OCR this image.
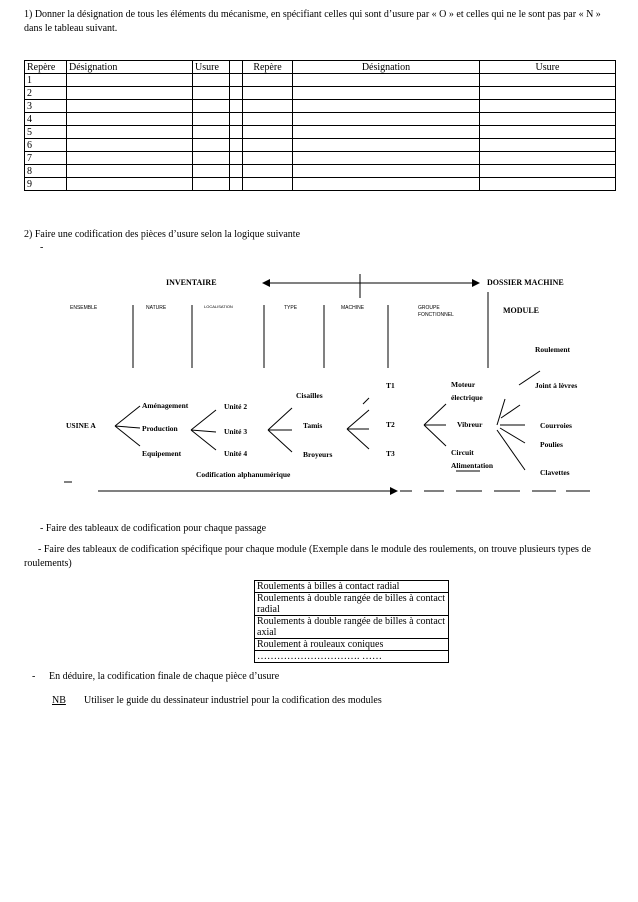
1) Donner la désignation de tous les éléments du mécanisme, en spécifiant celles qui sont d’usure par « O » et celles qui ne le sont pas par « N » dans le tableau suivant.
Repère	Désignation	Usure		Repère	Désignation	Usure
1						
2						
3						
4						
5						
6						
7						
8						
9						
2) Faire une codification des pièces d’usure selon la logique suivante
-
INVENTAIRE	DOSSIER MACHINE
ENSEMBLE	NATURE	LOCALISATION	TYPE	MACHINE	GROUPE
FONCTIONNEL	MODULE
USINE A
Aménagement
Production
Equipement
Unité 2
Unité 3
Unité 4
Cisailles
Tamis
Broyeurs
T1
T2
T3
Moteur
électrique
Vibreur
Circuit
Alimentation
Roulement
Joint à lèvres
Courroies
Poulies
Clavettes
Codification alphanumérique
- Faire des tableaux de codification pour chaque passage
- Faire des tableaux de codification spécifique pour chaque module (Exemple dans le module des roulements, on trouve plusieurs types de roulements)
Roulements à billes à contact radial
Roulements à double rangée de billes à contact radial
Roulements à double rangée de billes à contact axial
Roulement à rouleaux coniques
…………………………. ……
- En déduire, la codification finale de chaque pièce d’usure
NB	Utiliser le guide du dessinateur industriel pour la codification des modules
